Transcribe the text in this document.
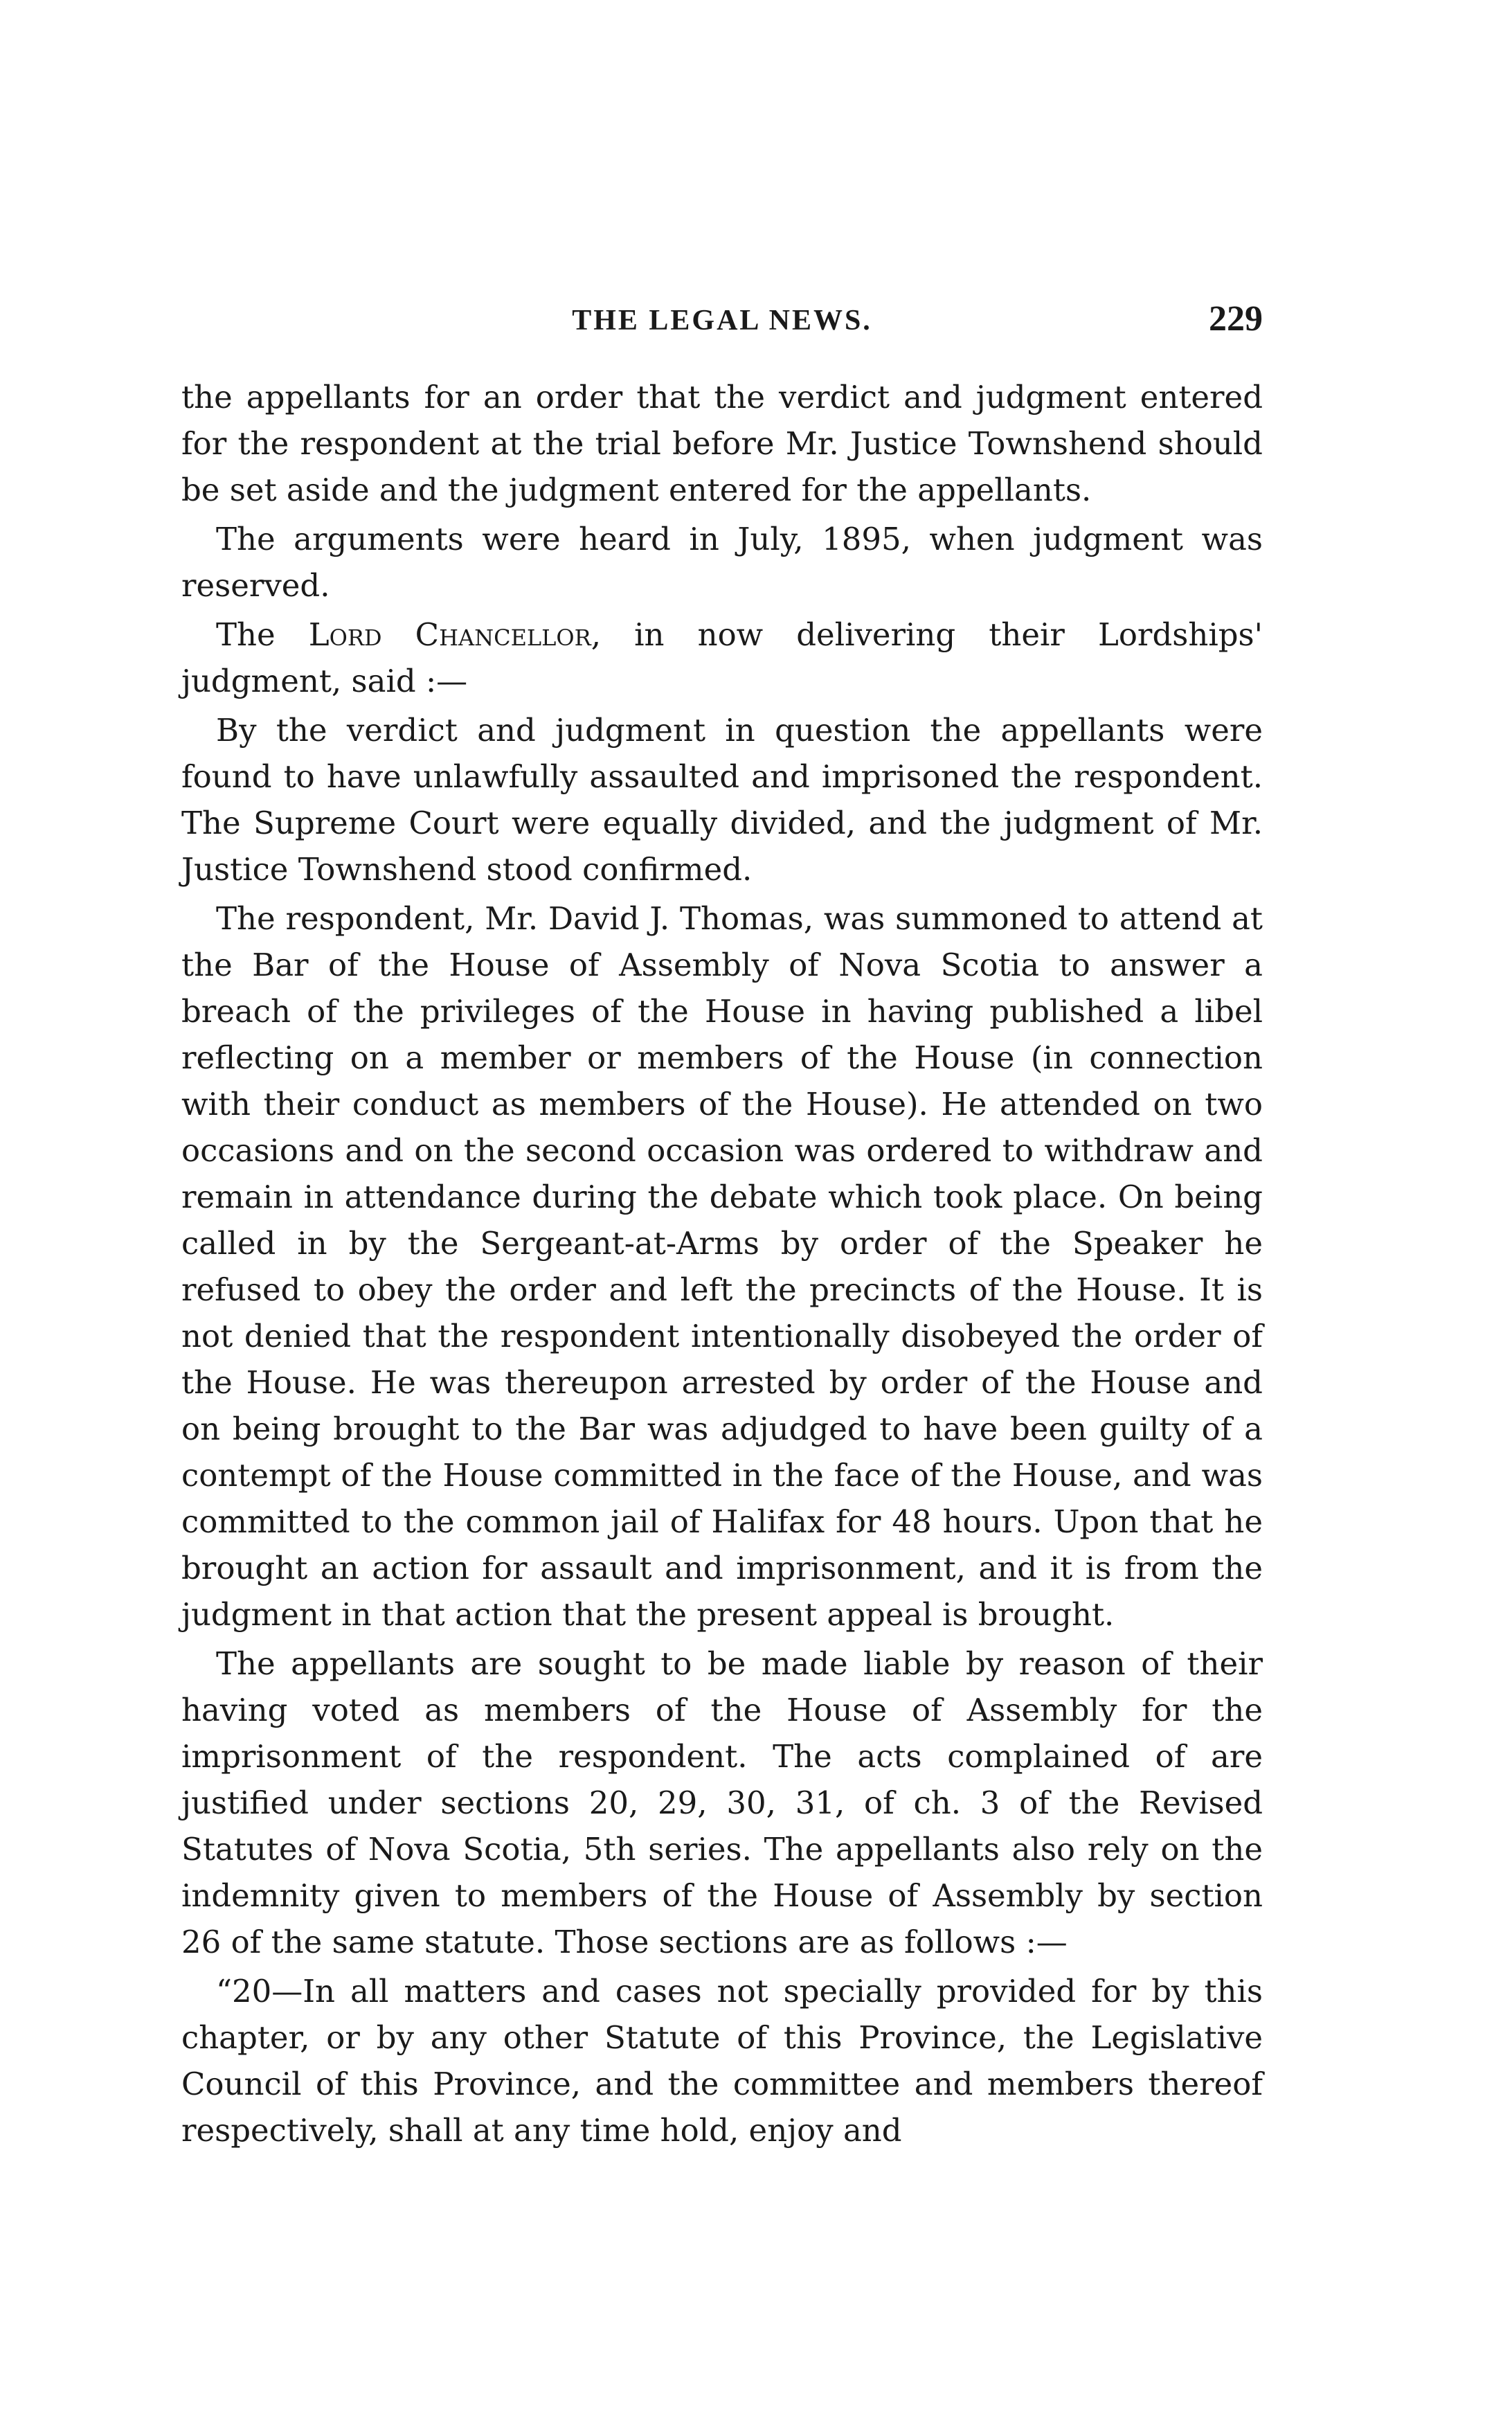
THE LEGAL NEWS.	229

the appellants for an order that the verdict and judgment entered for the respondent at the trial before Mr. Justice Townshend should be set aside and the judgment entered for the appellants.

The arguments were heard in July, 1895, when judgment was reserved.

The Lord Chancellor, in now delivering their Lordships' judgment, said :—

By the verdict and judgment in question the appellants were found to have unlawfully assaulted and imprisoned the respondent. The Supreme Court were equally divided, and the judgment of Mr. Justice Townshend stood confirmed.

The respondent, Mr. David J. Thomas, was summoned to attend at the Bar of the House of Assembly of Nova Scotia to answer a breach of the privileges of the House in having published a libel reflecting on a member or members of the House (in connection with their conduct as members of the House). He attended on two occasions and on the second occasion was ordered to withdraw and remain in attendance during the debate which took place. On being called in by the Sergeant-at-Arms by order of the Speaker he refused to obey the order and left the precincts of the House. It is not denied that the respondent intentionally disobeyed the order of the House. He was thereupon arrested by order of the House and on being brought to the Bar was adjudged to have been guilty of a contempt of the House committed in the face of the House, and was committed to the common jail of Halifax for 48 hours. Upon that he brought an action for assault and imprisonment, and it is from the judgment in that action that the present appeal is brought.

The appellants are sought to be made liable by reason of their having voted as members of the House of Assembly for the imprisonment of the respondent. The acts complained of are justified under sections 20, 29, 30, 31, of ch. 3 of the Revised Statutes of Nova Scotia, 5th series. The appellants also rely on the indemnity given to members of the House of Assembly by section 26 of the same statute. Those sections are as follows :—

“20—In all matters and cases not specially provided for by this chapter, or by any other Statute of this Province, the Legislative Council of this Province, and the committee and members thereof respectively, shall at any time hold, enjoy and
